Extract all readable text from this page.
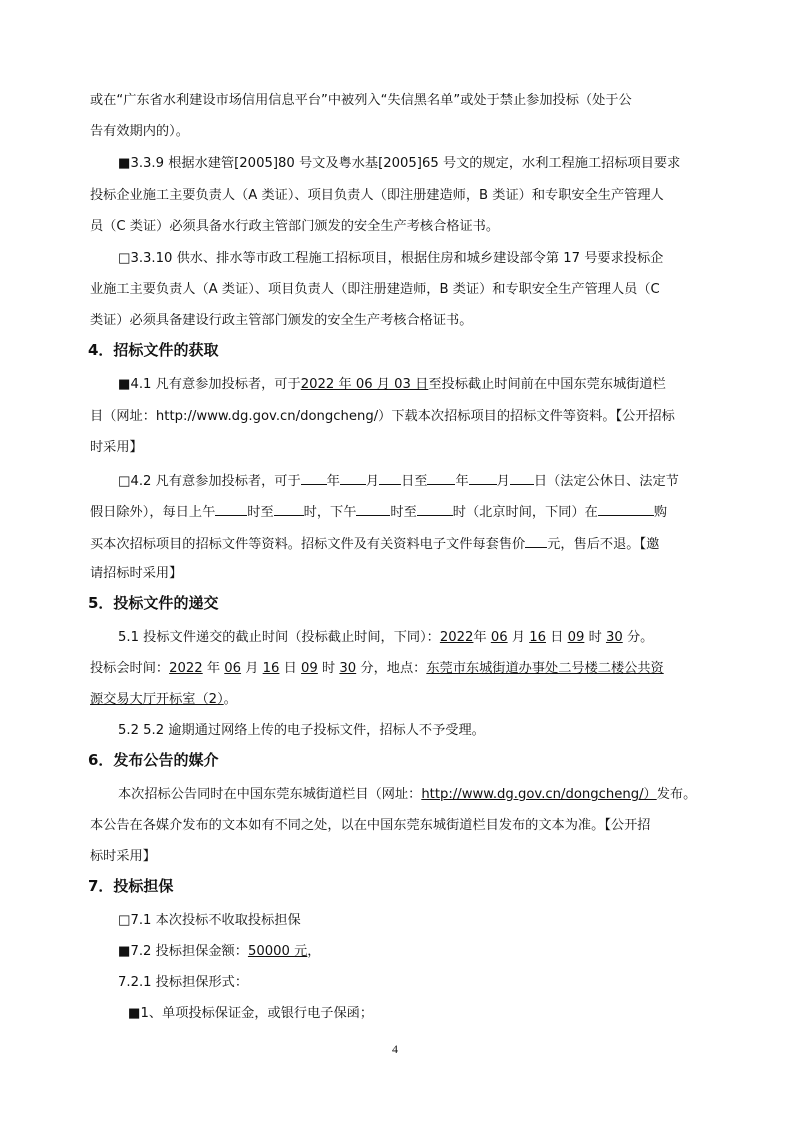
或在“广东省水利建设市场信用信息平台”中被列入“失信黑名单”或处于禁止参加投标（处于公
告有效期内的）。
■3.3.9 根据水建管[2005]80 号文及粤水基[2005]65 号文的规定，水利工程施工招标项目要求
投标企业施工主要负责人（A 类证）、项目负责人（即注册建造师，B 类证）和专职安全生产管理人
员（C 类证）必须具备水行政主管部门颁发的安全生产考核合格证书。
□3.3.10 供水、排水等市政工程施工招标项目，根据住房和城乡建设部令第 17 号要求投标企
业施工主要负责人（A 类证）、项目负责人（即注册建造师，B 类证）和专职安全生产管理人员（C
类证）必须具备建设行政主管部门颁发的安全生产考核合格证书。
4．招标文件的获取
■4.1 凡有意参加投标者，可于2022 年 06 月 03 日至投标截止时间前在中国东莞东城街道栏
目（网址：http://www.dg.gov.cn/dongcheng/）下载本次招标项目的招标文件等资料。【公开招标
时采用】
□4.2 凡有意参加投标者，可于 年 月 日至 年 月 日（法定公休日、法定节
假日除外），每日上午 时至 时，下午	时至	时（北京时间，下同）在	购
买本次招标项目的招标文件等资料。招标文件及有关资料电子文件每套售价 元，售后不退。【邀
请招标时采用】
5．投标文件的递交
5.1 投标文件递交的截止时间（投标截止时间，下同）：2022年 06 月 16 日 09 时 30 分。
投标会时间：2022 年 06 月 16 日 09 时 30 分，地点：东莞市东城街道办事处二号楼二楼公共资
源交易大厅开标室（2）。
5.2 5.2 逾期通过网络上传的电子投标文件，招标人不予受理。
6．发布公告的媒介
本次招标公告同时在中国东莞东城街道栏目（网址：http://www.dg.gov.cn/dongcheng/）发布。
本公告在各媒介发布的文本如有不同之处，以在中国东莞东城街道栏目发布的文本为准。【公开招
标时采用】
7．投标担保
□7.1 本次投标不收取投标担保
■7.2 投标担保金额：50000 元，
7.2.1 投标担保形式：
■1、单项投标保证金，或银行电子保函；
4
